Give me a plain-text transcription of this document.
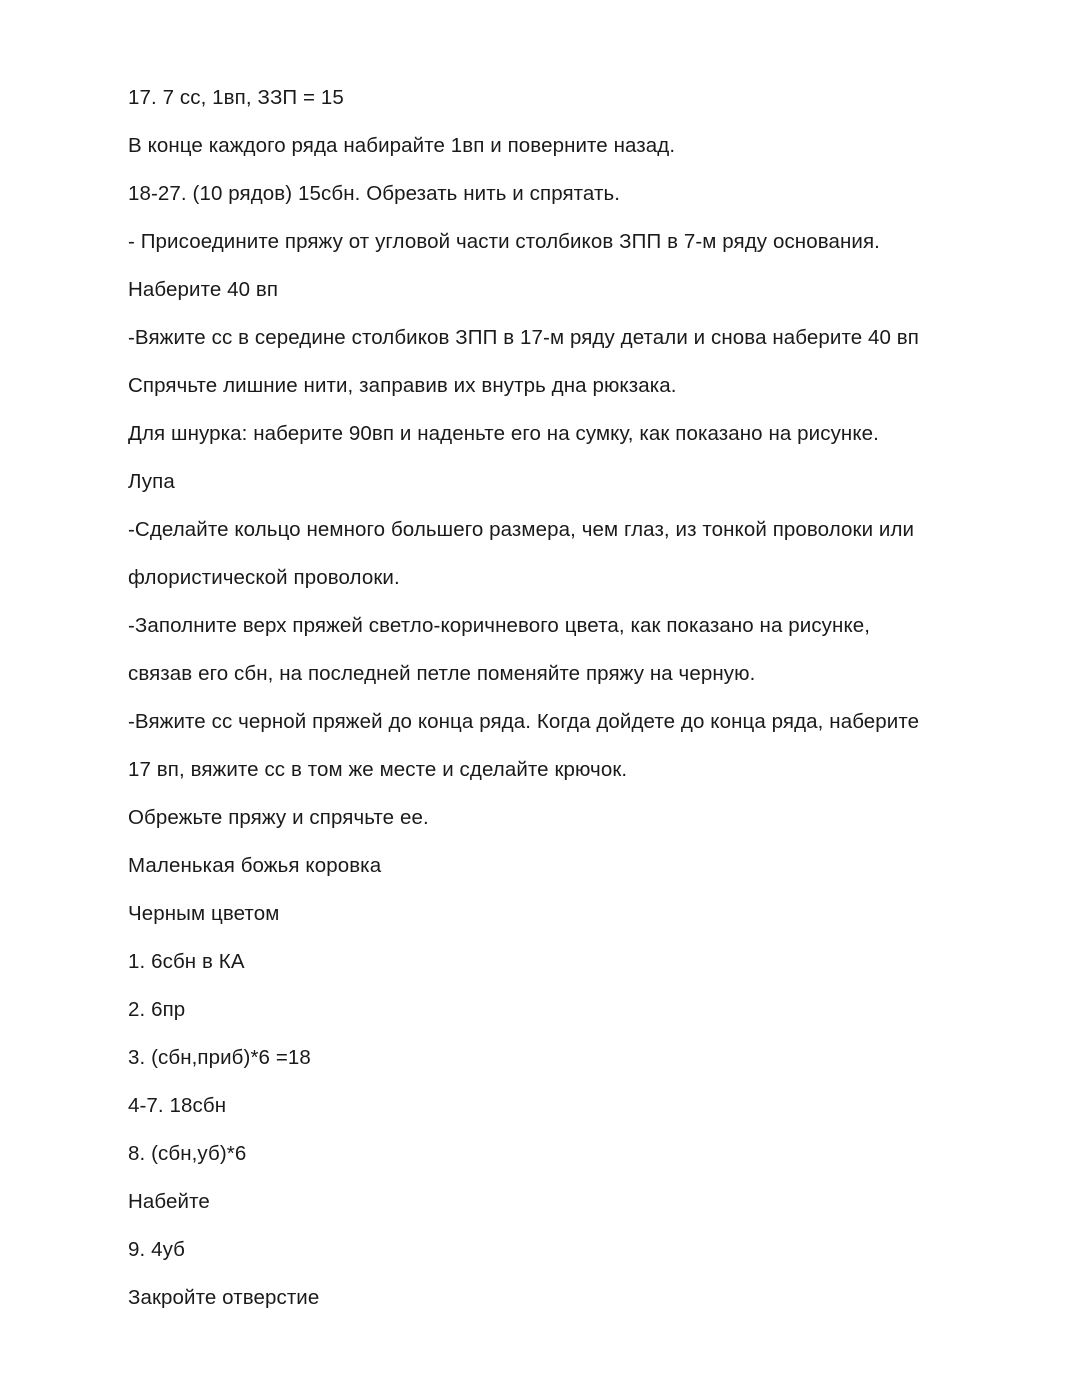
17. 7 сс, 1вп, ЗЗП = 15
В конце каждого ряда набирайте 1вп и поверните назад.
18-27. (10 рядов) 15сбн. Обрезать нить и спрятать.
- Присоедините пряжу от угловой части столбиков ЗПП в 7-м ряду основания.
Наберите 40 вп
-Вяжите сс в середине столбиков ЗПП в 17-м ряду детали и снова наберите 40 вп
Спрячьте лишние нити, заправив их внутрь дна рюкзака.
Для шнурка: наберите 90вп и наденьте его на сумку, как показано на рисунке.
Лупа
-Сделайте кольцо немного большего размера, чем глаз, из тонкой проволоки или
флористической проволоки.
-Заполните верх пряжей светло-коричневого цвета, как показано на рисунке,
связав его сбн, на последней петле поменяйте пряжу на черную.
-Вяжите сс черной пряжей до конца ряда. Когда дойдете до конца ряда, наберите
17 вп, вяжите сс в том же месте и сделайте крючок.
Обрежьте пряжу и спрячьте ее.
Маленькая божья коровка
Черным цветом
1. 6сбн в КА
2. 6пр
3. (сбн,приб)*6 =18
4-7. 18сбн
8. (сбн,уб)*6
Набейте
9. 4уб
Закройте отверстие
